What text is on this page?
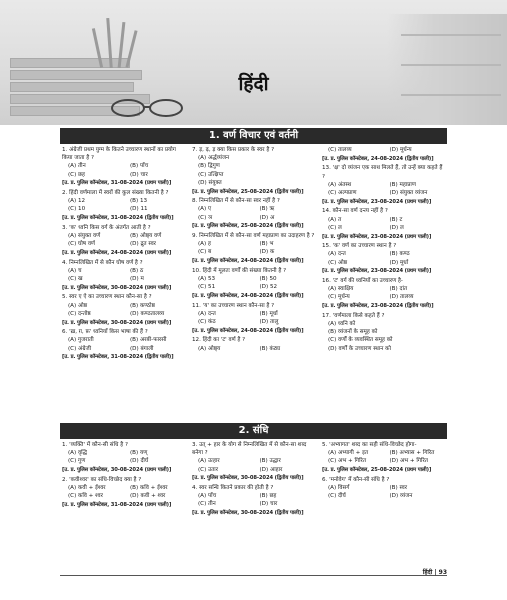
हिंदी
1. वर्ण विचार एवं वर्तनी
1. अंग्रेजी प्रथम युग्म के कितने उच्चारण स्थानों का प्रयोग किया जाता है ?
(A) तीन	(B) पाँच
(C) छह	(D) चार
[उ. प्र. पुलिस कॉन्स्टेबल, 31-08-2024 (प्रथम पाली)]
2. हिंदी वर्णमाला में स्वरों की कुल संख्या कितनी है ?
(A) 12	(B) 13
(C) 10	(D) 11
[उ. प्र. पुलिस कॉन्स्टेबल, 31-08-2024 (द्वितीय पाली)]
3. 'क' ध्वनि किस वर्ग के अंतर्गत आती है ?
(A) संयुक्त वर्ण	(B) ओष्ठ्य वर्ण
(C) घोष वर्ण	(D) द्रुत स्वर
[उ. प्र. पुलिस कॉन्स्टेबल, 24-08-2024 (प्रथम पाली)]
4. निम्नलिखित में से कौन घोष वर्ण है ?
(A) च	(B) ठ
(C) ख	(D) म
[उ. प्र. पुलिस कॉन्स्टेबल, 30-08-2024 (प्रथम पाली)]
5. स्वर ए ऐ का उच्चारण स्थान कौन-सा है ?
(A) ओष्ठ	(B) कण्ठोष्ठ
(C) दन्तोष्ठ	(D) कण्ठतालव्य
[उ. प्र. पुलिस कॉन्स्टेबल, 30-08-2024 (प्रथम पाली)]
6. 'ख़, ग़, फ़' ध्वनियाँ किस भाषा की हैं ?
(A) गुजराती	(B) अरबी-फारसी
(C) अंग्रेजी	(D) बंगाली
[उ. प्र. पुलिस कॉन्स्टेबल, 31-08-2024 (द्वितीय पाली)]
7. ड़, ढ़, ड़ क्या किस प्रकार के स्वर है ?
(A) अर्द्धव्यंजन
(B) द्विगुण
(C) उत्क्षिप्त
(D) संयुक्त
[उ. प्र. पुलिस कॉन्स्टेबल, 25-08-2024 (द्वितीय पाली)]
8. निम्नलिखित में से कौन-सा स्वर नहीं है ?
(A) ए	(B) ऋ
(C) ञ	(D) अ
[उ. प्र. पुलिस कॉन्स्टेबल, 25-08-2024 (द्वितीय पाली)]
9. निम्नलिखित में से कौन-सा वर्ण महाप्राण का उदाहरण है ?
(A) ह	(B) भ
(C) ब	(D) क
[उ. प्र. पुलिस कॉन्स्टेबल, 24-08-2024 (द्वितीय पाली)]
10. हिंदी में मूलतः वर्णों की संख्या कितनी है ?
(A) 53	(B) 50
(C) 51	(D) 52
[उ. प्र. पुलिस कॉन्स्टेबल, 24-08-2024 (द्वितीय पाली)]
11. 'य' का उच्चारण स्थान कौन-सा है ?
(A) दन्त	(B) मूर्धा
(C) कंठ	(D) तालु
[उ. प्र. पुलिस कॉन्स्टेबल, 24-08-2024 (द्वितीय पाली)]
12. हिंदी का 'ट' वर्ण है ?
(A) ओष्ठ्य	(B) कंठ्य
(C) तालव्य	(D) मूर्धन्य
[उ. प्र. पुलिस कॉन्स्टेबल, 24-08-2024 (द्वितीय पाली)]
13. 'क्ष' दो व्यंजन एक साथ मिलते हैं, तो उन्हें क्या कहते हैं ?
(A) अंतस्थ	(B) महाप्राण
(C) अल्पप्राण	(D) संयुक्त व्यंजन
[उ. प्र. पुलिस कॉन्स्टेबल, 23-08-2024 (प्रथम पाली)]
14. कौन-सा वर्ण दन्त्य नहीं है ?
(A) त	(B) ट
(C) ल	(D) ल
[उ. प्र. पुलिस कॉन्स्टेबल, 23-08-2024 (प्रथम पाली)]
15. 'क' वर्ण का उच्चारण स्थान है ?
(A) दन्त	(B) कण्ठ
(C) ओष्ठ	(D) मूर्धा
[उ. प्र. पुलिस कॉन्स्टेबल, 23-08-2024 (प्रथम पाली)]
16. 'ट' वर्ग की ध्वनियों का उच्चारण है-
(A) स्वाक्षिय	(B) दांत
(C) मूर्धन्य	(D) तालव्य
[उ. प्र. पुलिस कॉन्स्टेबल, 23-08-2024 (द्वितीय पाली)]
17. 'वर्णमाला किसे कहते हैं ?
(A) ध्वनि को
(B) व्यंजनों के समूह को
(C) वर्णों के व्यवस्थित समूह को
(D) वर्णों के उच्चारण स्थान को
2. संधि
1. 'व्यक्ति' में कौन-सी संधि है ?
(A) वृद्धि	(B) यण्
(C) गुण	(D) दीर्घ
[उ. प्र. पुलिस कॉन्स्टेबल, 30-08-2024 (प्रथम पाली)]
2. 'कवीश्वर' का संधि-विच्छेद क्या है ?
(A) कवी + ईश्वर	(B) कवि + ईश्वर
(C) कवि + श्वर	(D) कवी + श्वर
[उ. प्र. पुलिस कॉन्स्टेबल, 31-08-2024 (प्रथम पाली)]
3. उत् + हार के योग से निम्नलिखित में से कौन-सा शब्द बनेगा ?
(A) उत्हार	(B) उद्धार
(C) उतार	(D) आहार
[उ. प्र. पुलिस कॉन्स्टेबल, 30-08-2024 (द्वितीय पाली)]
4. स्वर सन्धि कितने प्रकार की होती है ?
(A) पाँच	(B) छह
(C) तीन	(D) चार
[उ. प्र. पुलिस कॉन्स्टेबल, 30-08-2024 (द्वितीय पाली)]
5. 'अभ्यागत' शब्द का सही संधि-विच्छेद होगा-
(A) अभ्यागी + इत	(B) अभ्यास + गिरित
(C) अभ + गिरित	(D) अभ + गिरित
[उ. प्र. पुलिस कॉन्स्टेबल, 25-08-2024 (प्रथम पाली)]
6. 'मनोवेग' में कौन-सी संधि है ?
(A) विसर्ग	(B) स्वर
(C) दीर्घ	(D) व्यंजन
हिंदी | 93
